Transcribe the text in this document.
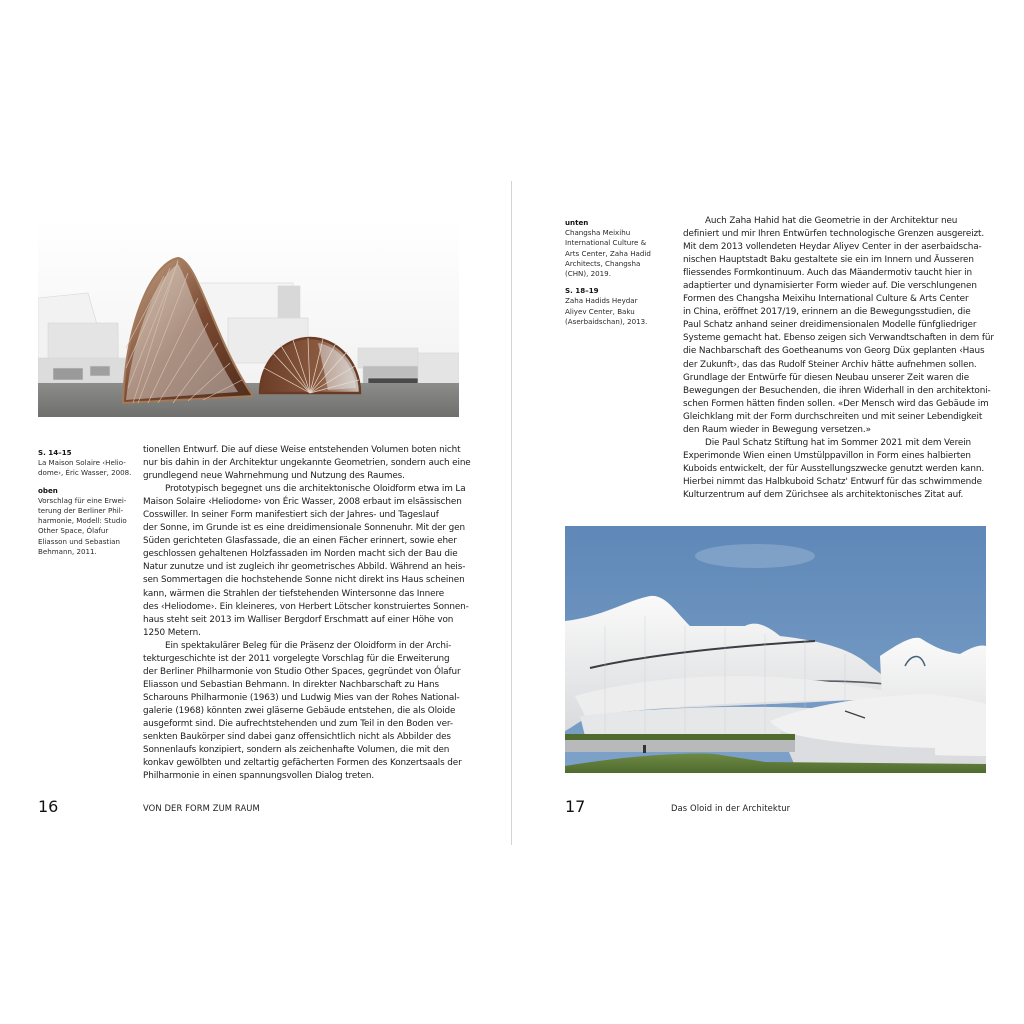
S. 14–15
La Maison Solaire ‹Helio-dome›, Éric Wasser, 2008.
oben
Vorschlag für eine Erwei-terung der Berliner Phil-harmonie, Modell: Studio Other Space, Ólafur Eliasson und Sebastian Behmann, 2011.

tionellen Entwurf. Die auf diese Weise entstehenden Volumen boten nicht
nur bis dahin in der Architektur ungekannte Geometrien, sondern auch eine
grundlegend neue Wahrnehmung und Nutzung des Raumes.

Prototypisch begegnet uns die architektonische Oloidform etwa im La
Maison Solaire ‹Heliodome› von Éric Wasser, 2008 erbaut im elsässischen
Cosswiller. In seiner Form manifestiert sich der Jahres- und Tageslauf
der Sonne, im Grunde ist es eine dreidimensionale Sonnenuhr. Mit der gen
Süden gerichteten Glasfassade, die an einen Fächer erinnert, sowie eher
geschlossen gehaltenen Holzfassaden im Norden macht sich der Bau die
Natur zunutze und ist zugleich ihr geometrisches Abbild. Während an heis-
sen Sommertagen die hochstehende Sonne nicht direkt ins Haus scheinen
kann, wärmen die Strahlen der tiefstehenden Wintersonne das Innere
des ‹Heliodome›. Ein kleineres, von Herbert Lötscher konstruiertes Sonnen-
haus steht seit 2013 im Walliser Bergdorf Erschmatt auf einer Höhe von
1250 Metern.

Ein spektakulärer Beleg für die Präsenz der Oloidform in der Archi-
tekturgeschichte ist der 2011 vorgelegte Vorschlag für die Erweiterung
der Berliner Philharmonie von Studio Other Spaces, gegründet von Ólafur
Eliasson und Sebastian Behmann. In direkter Nachbarschaft zu Hans
Scharouns Philharmonie (1963) und Ludwig Mies van der Rohes National-
galerie (1968) könnten zwei gläserne Gebäude entstehen, die als Oloide
ausgeformt sind. Die aufrechtstehenden und zum Teil in den Boden ver-
senkten Baukörper sind dabei ganz offensichtlich nicht als Abbilder des
Sonnenlaufs konzipiert, sondern als zeichenhafte Volumen, die mit den
konkav gewölbten und zeltartig gefächerten Formen des Konzertsaals der
Philharmonie in einen spannungsvollen Dialog treten.

16	VON DER FORM ZUM RAUM
unten
Changsha Meixihu International Culture & Arts Center, Zaha Hadid Architects, Changsha (CHN), 2019.
S. 18–19
Zaha Hadids Heydar Aliyev Center, Baku (Aserbaidschan), 2013.

Auch Zaha Hahid hat die Geometrie in der Architektur neu
definiert und mir Ihren Entwürfen technologische Grenzen ausgereizt.
Mit dem 2013 vollendeten Heydar Aliyev Center in der aserbaidscha-
nischen Hauptstadt Baku gestaltete sie ein im Innern und Äusseren
fliessendes Formkontinuum. Auch das Mäandermotiv taucht hier in
adaptierter und dynamisierter Form wieder auf. Die verschlungenen
Formen des Changsha Meixihu International Culture & Arts Center
in China, eröffnet 2017/19, erinnern an die Bewegungsstudien, die
Paul Schatz anhand seiner dreidimensionalen Modelle fünfgliedriger
Systeme gemacht hat. Ebenso zeigen sich Verwandtschaften in dem für
die Nachbarschaft des Goetheanums von Georg Düx geplanten ‹Haus
der Zukunft›, das das Rudolf Steiner Archiv hätte aufnehmen sollen.
Grundlage der Entwürfe für diesen Neubau unserer Zeit waren die
Bewegungen der Besuchenden, die ihren Widerhall in den architektoni-
schen Formen hätten finden sollen. «Der Mensch wird das Gebäude im
Gleichklang mit der Form durchschreiten und mit seiner Lebendigkeit
den Raum wieder in Bewegung versetzen.»

Die Paul Schatz Stiftung hat im Sommer 2021 mit dem Verein
Experimonde Wien einen Umstülppavillon in Form eines halbierten
Kuboids entwickelt, der für Ausstellungszwecke genutzt werden kann.
Hierbei nimmt das Halbkuboid Schatz' Entwurf für das schwimmende
Kulturzentrum auf dem Zürichsee als architektonisches Zitat auf.

17	Das Oloid in der Architektur
